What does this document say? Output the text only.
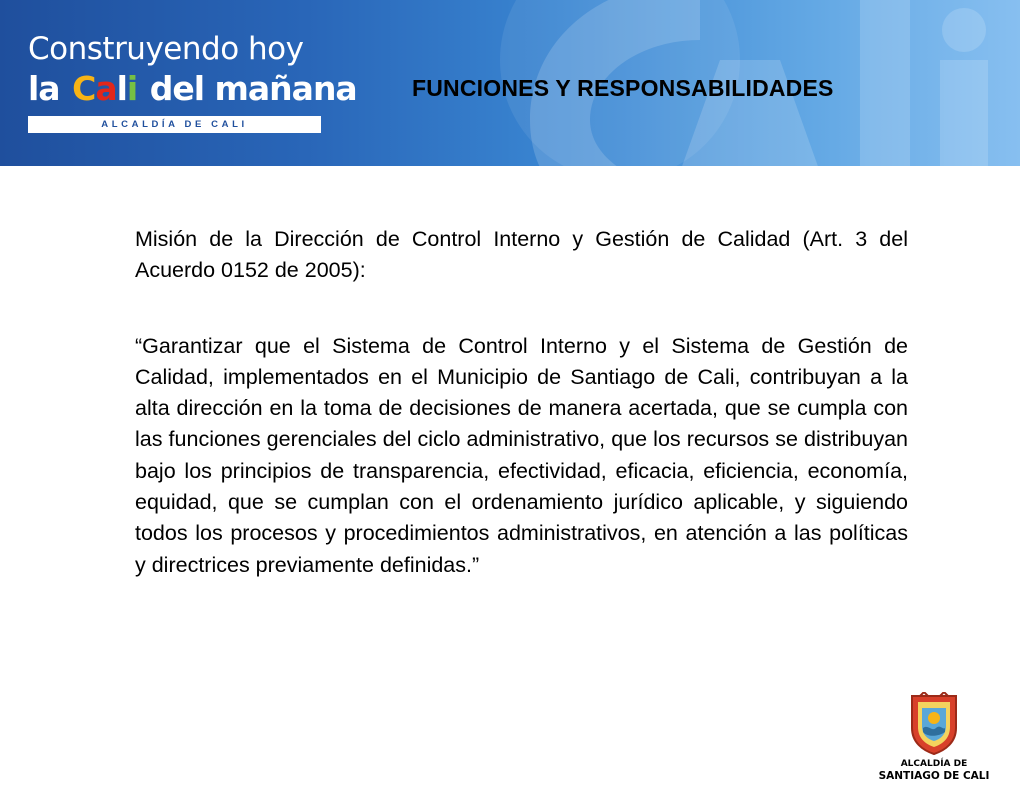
Construyendo hoy
la Cali del mañana
ALCALDÍA DE CALI
FUNCIONES Y RESPONSABILIDADES

Misión de la Dirección de Control Interno y Gestión de Calidad (Art. 3 del Acuerdo 0152 de 2005):

“Garantizar que el Sistema de Control Interno y el Sistema de Gestión de Calidad, implementados en el Municipio de Santiago de Cali, contribuyan a la alta dirección en la toma de decisiones de manera acertada, que se cumpla con las funciones gerenciales del ciclo administrativo, que los recursos se distribuyan bajo los principios de transparencia, efectividad, eficacia, eficiencia, economía, equidad, que se cumplan con el ordenamiento jurídico aplicable, y siguiendo todos los procesos y procedimientos administrativos, en atención a las políticas y directrices previamente definidas.”

ALCALDÍA DE
SANTIAGO DE CALI
